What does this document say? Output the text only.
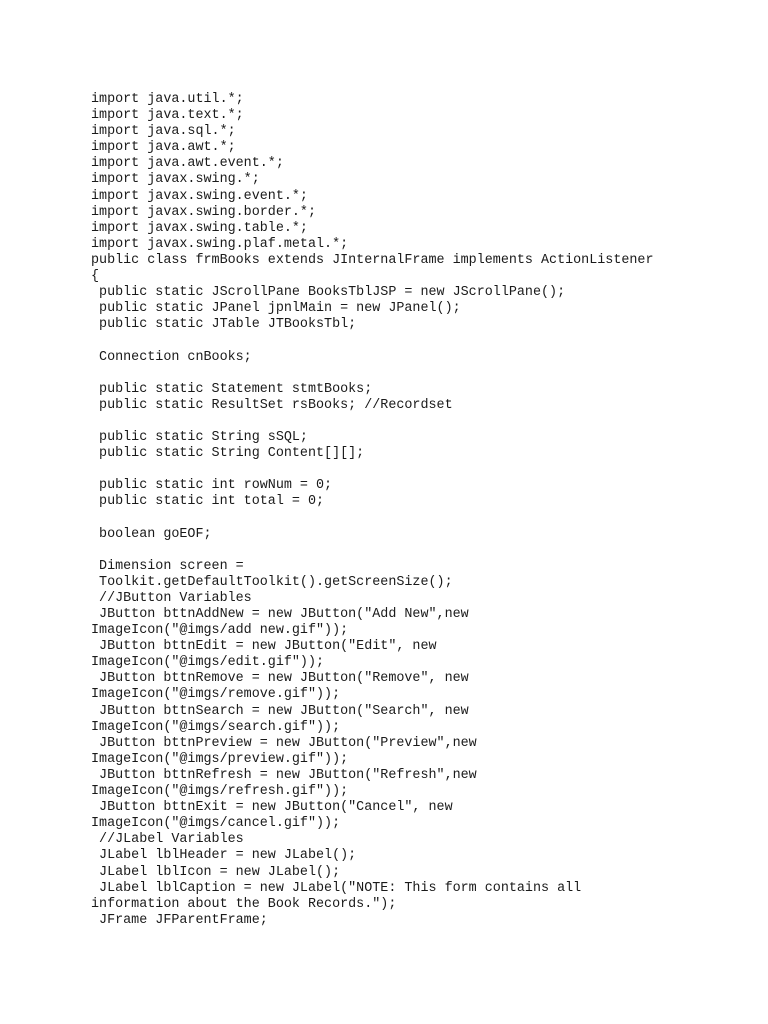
import java.util.*;
import java.text.*;
import java.sql.*;
import java.awt.*;
import java.awt.event.*;
import javax.swing.*;
import javax.swing.event.*;
import javax.swing.border.*;
import javax.swing.table.*;
import javax.swing.plaf.metal.*;
public class frmBooks extends JInternalFrame implements ActionListener
{
public static JScrollPane BooksTblJSP = new JScrollPane();
public static JPanel jpnlMain = new JPanel();
public static JTable JTBooksTbl;
Connection cnBooks;
public static Statement stmtBooks;
public static ResultSet rsBooks; //Recordset
public static String sSQL;
public static String Content[][];
public static int rowNum = 0;
public static int total = 0;
boolean goEOF;
Dimension screen =
Toolkit.getDefaultToolkit().getScreenSize();
//JButton Variables
JButton bttnAddNew = new JButton("Add New",new
ImageIcon("@imgs/add new.gif"));
JButton bttnEdit = new JButton("Edit", new
ImageIcon("@imgs/edit.gif"));
JButton bttnRemove = new JButton("Remove", new
ImageIcon("@imgs/remove.gif"));
JButton bttnSearch = new JButton("Search", new
ImageIcon("@imgs/search.gif"));
JButton bttnPreview = new JButton("Preview",new
ImageIcon("@imgs/preview.gif"));
JButton bttnRefresh = new JButton("Refresh",new
ImageIcon("@imgs/refresh.gif"));
JButton bttnExit = new JButton("Cancel", new
ImageIcon("@imgs/cancel.gif"));
//JLabel Variables
JLabel lblHeader = new JLabel();
JLabel lblIcon = new JLabel();
JLabel lblCaption = new JLabel("NOTE: This form contains all
information about the Book Records.");
JFrame JFParentFrame;
